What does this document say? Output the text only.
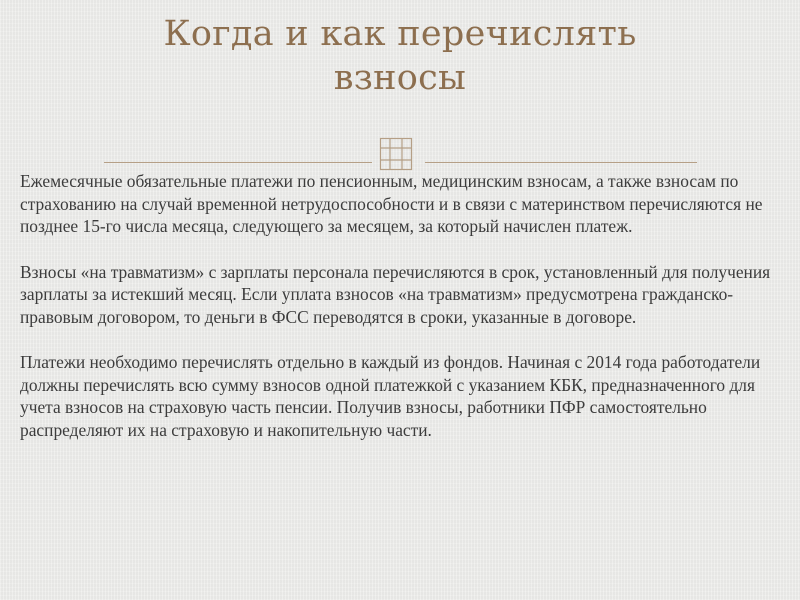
Когда и как перечислять
взносы

Ежемесячные обязательные платежи по пенсионным, медицинским взносам, а также взносам по страхованию на случай временной нетрудоспособности и в связи с материнством перечисляются не позднее 15-го числа месяца, следующего за месяцем, за который начислен платеж.

Взносы «на травматизм» с зарплаты персонала перечисляются в срок, установленный для получения зарплаты за истекший месяц. Если уплата взносов «на травматизм» предусмотрена гражданско-правовым договором, то деньги в ФСС переводятся в сроки, указанные в договоре.

Платежи необходимо перечислять отдельно в каждый из фондов. Начиная с 2014 года работодатели должны перечислять всю сумму взносов одной платежкой с указанием КБК, предназначенного для учета взносов на страховую часть пенсии. Получив взносы, работники ПФР самостоятельно распределяют их на страховую и накопительную части.
